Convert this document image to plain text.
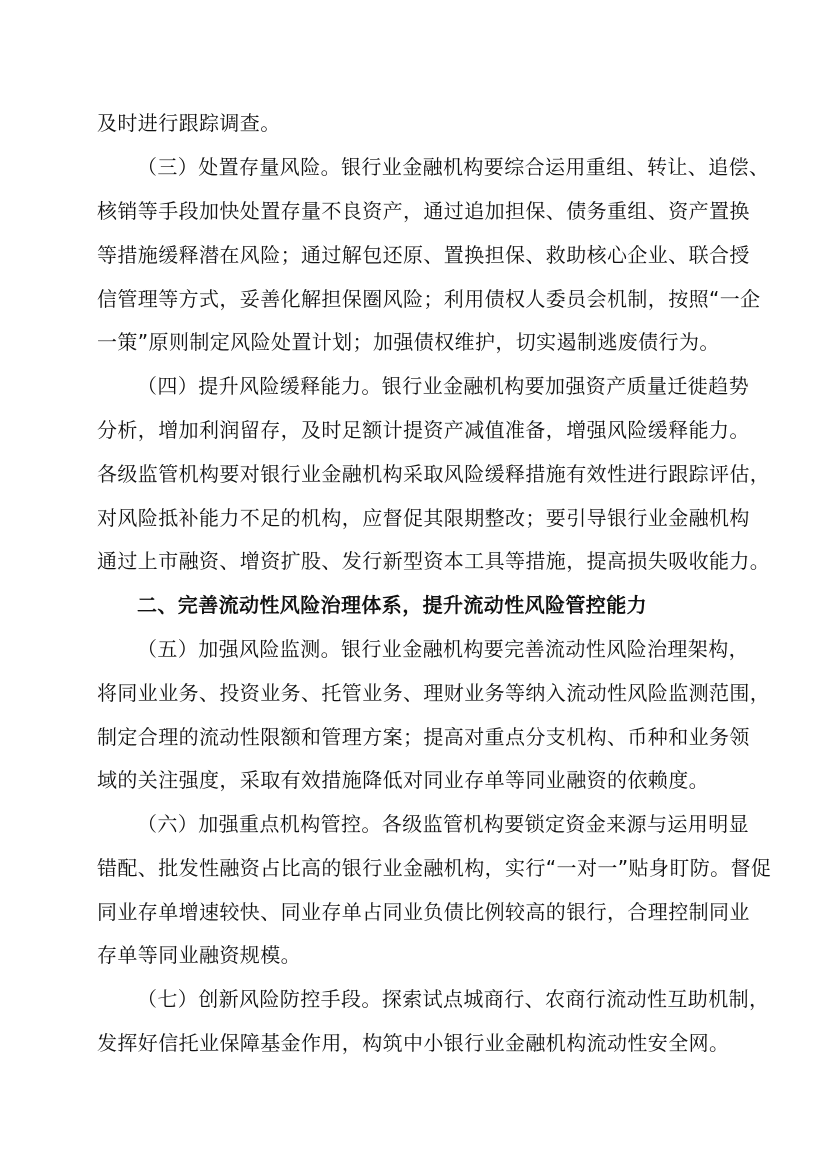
及时进行跟踪调查。
（三）处置存量风险。银行业金融机构要综合运用重组、转让、追偿、
核销等手段加快处置存量不良资产，通过追加担保、债务重组、资产置换
等措施缓释潜在风险；通过解包还原、置换担保、救助核心企业、联合授
信管理等方式，妥善化解担保圈风险；利用债权人委员会机制，按照“一企
一策”原则制定风险处置计划；加强债权维护，切实遏制逃废债行为。
（四）提升风险缓释能力。银行业金融机构要加强资产质量迁徙趋势
分析，增加利润留存，及时足额计提资产减值准备，增强风险缓释能力。
各级监管机构要对银行业金融机构采取风险缓释措施有效性进行跟踪评估，
对风险抵补能力不足的机构，应督促其限期整改；要引导银行业金融机构
通过上市融资、增资扩股、发行新型资本工具等措施，提高损失吸收能力。
二、完善流动性风险治理体系，提升流动性风险管控能力
（五）加强风险监测。银行业金融机构要完善流动性风险治理架构，
将同业业务、投资业务、托管业务、理财业务等纳入流动性风险监测范围，
制定合理的流动性限额和管理方案；提高对重点分支机构、币种和业务领
域的关注强度，采取有效措施降低对同业存单等同业融资的依赖度。
（六）加强重点机构管控。各级监管机构要锁定资金来源与运用明显
错配、批发性融资占比高的银行业金融机构，实行“一对一”贴身盯防。督促
同业存单增速较快、同业存单占同业负债比例较高的银行，合理控制同业
存单等同业融资规模。
（七）创新风险防控手段。探索试点城商行、农商行流动性互助机制，
发挥好信托业保障基金作用，构筑中小银行业金融机构流动性安全网。
